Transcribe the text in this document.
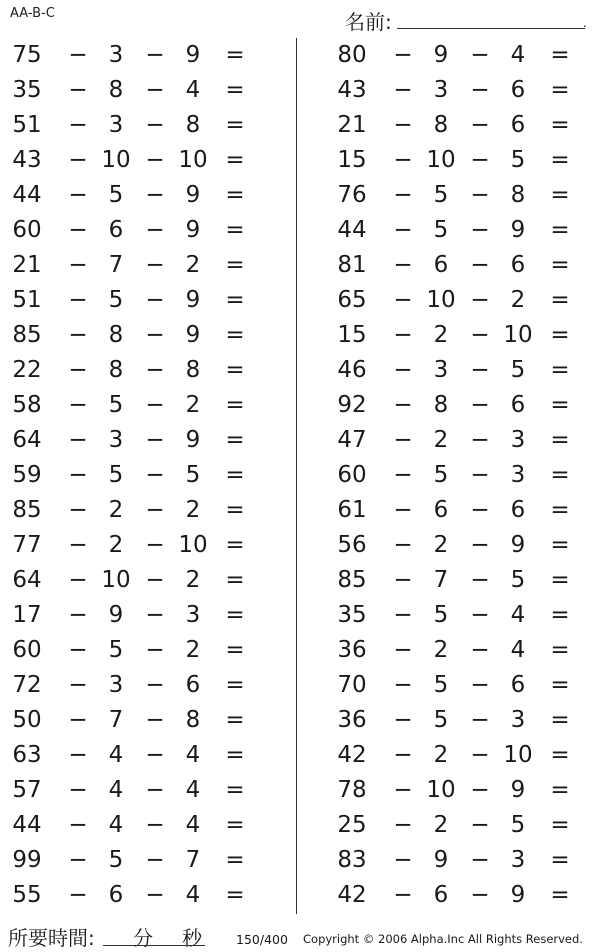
AA-B-C	名前:	.
75	− 3 − 9	=
35	− 8 − 4	=
51	− 3 − 8	=
43	− 10 − 10 =
44	− 5 − 9	=
60	− 6 − 9	=
21	− 7 − 2	=
51	− 5 − 9	=
85	− 8 − 9	=
22	− 8 − 8	=
58	− 5 − 2	=
64	− 3 − 9	=
59	− 5 − 5	=
85	− 2 − 2	=
77	− 2 − 10 =
64	− 10 − 2	=
17	− 9 − 3	=
60	− 5 − 2	=
72	− 3 − 6	=
50	− 7 − 8	=
63	− 4 − 4	=
57	− 4 − 4	=
44	− 4 − 4	=
99	− 5 − 7	=
55	− 6 − 4	=
80	− 9 − 4	=
43	− 3 − 6	=
21	− 8 − 6	=
15	− 10 − 5	=
76	− 5 − 8	=
44	− 5 − 9	=
81	− 6 − 6	=
65	− 10 − 2	=
15	− 2 − 10 =
46	− 3 − 5	=
92	− 8 − 6	=
47	− 2 − 3	=
60	− 5 − 3	=
61	− 6 − 6	=
56	− 2 − 9	=
85	− 7 − 5	=
35	− 5 − 4	=
36	− 2 − 4	=
70	− 5 − 6	=
36	− 5 − 3	=
42	− 2 − 10 =
78	− 10 − 9	=
25	− 2 − 5	=
83	− 9 − 3	=
42	− 6 − 9	=
所要時間: 分 秒	150/400 Copyright © 2006 Alpha.Inc All Rights Reserved.
